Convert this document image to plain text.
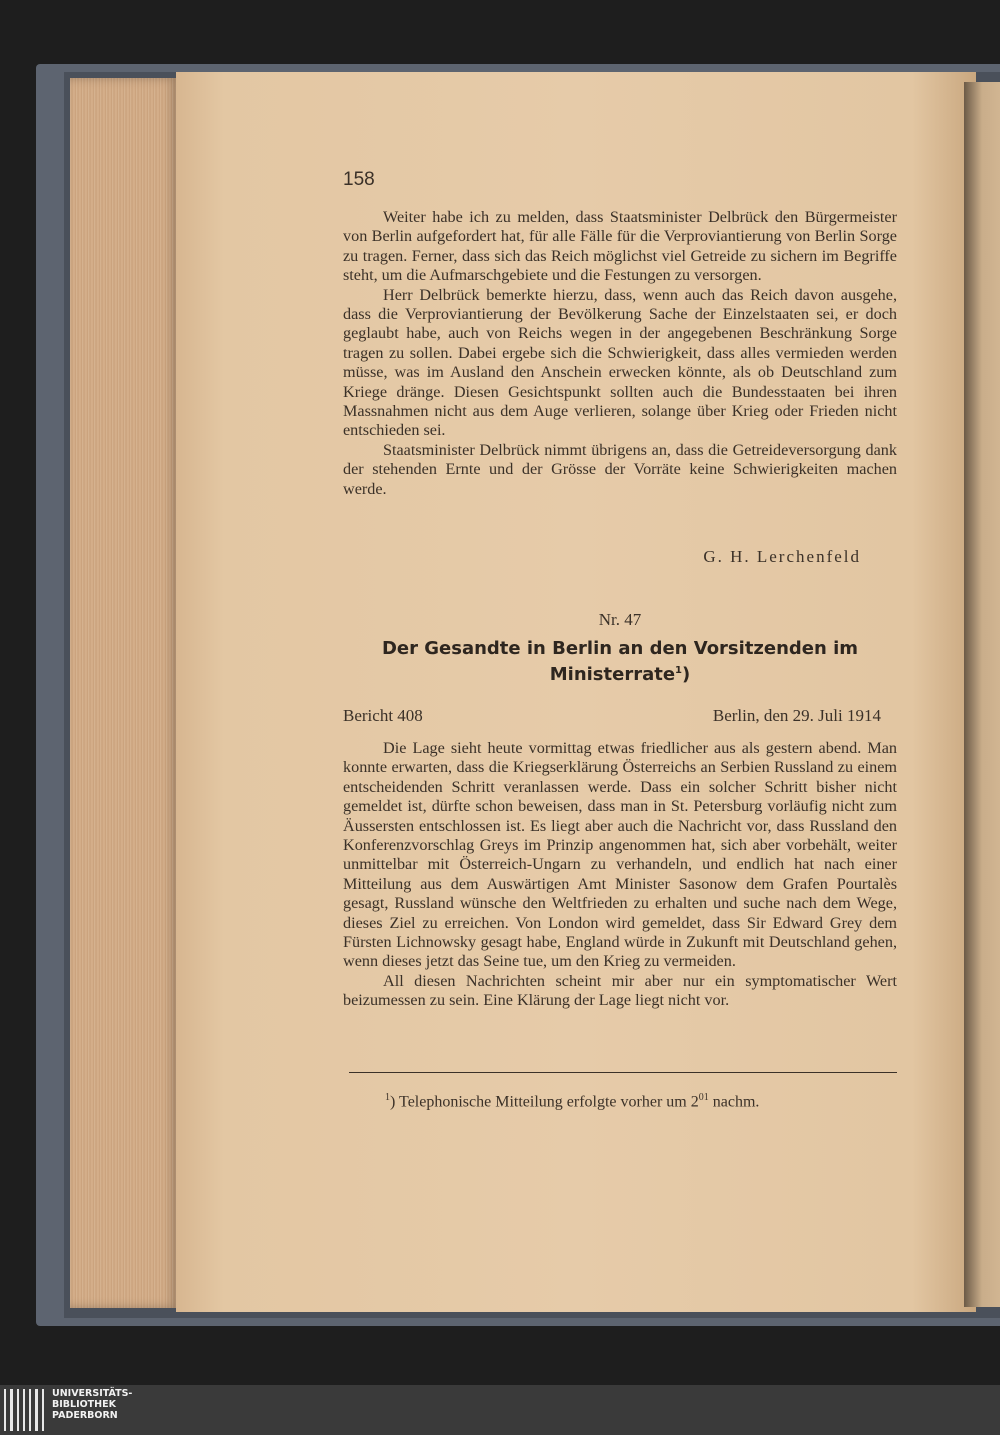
158

Weiter habe ich zu melden, dass Staatsminister Delbrück den Bürgermeister von Berlin aufgefordert hat, für alle Fälle für die Verproviantierung von Berlin Sorge zu tragen. Ferner, dass sich das Reich möglichst viel Getreide zu sichern im Begriffe steht, um die Aufmarschgebiete und die Festungen zu versorgen.

Herr Delbrück bemerkte hierzu, dass, wenn auch das Reich davon ausgehe, dass die Verproviantierung der Bevölkerung Sache der Einzelstaaten sei, er doch geglaubt habe, auch von Reichs wegen in der angegebenen Beschränkung Sorge tragen zu sollen. Dabei ergebe sich die Schwierigkeit, dass alles vermieden werden müsse, was im Ausland den Anschein erwecken könnte, als ob Deutschland zum Kriege dränge. Diesen Gesichtspunkt sollten auch die Bundesstaaten bei ihren Massnahmen nicht aus dem Auge verlieren, solange über Krieg oder Frieden nicht entschieden sei.

Staatsminister Delbrück nimmt übrigens an, dass die Getreideversorgung dank der stehenden Ernte und der Grösse der Vorräte keine Schwierigkeiten machen werde.

G. H. Lerchenfeld
Nr. 47
Der Gesandte in Berlin an den Vorsitzenden im
Ministerrate$^1$)
Bericht 408	Berlin, den 29. Juli 1914

Die Lage sieht heute vormittag etwas friedlicher aus als gestern abend. Man konnte erwarten, dass die Kriegserklärung Österreichs an Serbien Russland zu einem entscheidenden Schritt veranlassen werde. Dass ein solcher Schritt bisher nicht gemeldet ist, dürfte schon beweisen, dass man in St. Petersburg vorläufig nicht zum Äussersten entschlossen ist. Es liegt aber auch die Nachricht vor, dass Russland den Konferenzvorschlag Greys im Prinzip angenommen hat, sich aber vorbehält, weiter unmittelbar mit Österreich-Ungarn zu verhandeln, und endlich hat nach einer Mitteilung aus dem Auswärtigen Amt Minister Sasonow dem Grafen Pourtalès gesagt, Russland wünsche den Weltfrieden zu erhalten und suche nach dem Wege, dieses Ziel zu erreichen. Von London wird gemeldet, dass Sir Edward Grey dem Fürsten Lichnowsky gesagt habe, England würde in Zukunft mit Deutschland gehen, wenn dieses jetzt das Seine tue, um den Krieg zu vermeiden.

All diesen Nachrichten scheint mir aber nur ein symptomatischer Wert beizumessen zu sein. Eine Klärung der Lage liegt nicht vor.

$^1$) Telephonische Mitteilung erfolgte vorher um $2^{01}$ nachm.
UNIVERSITÄTS-
BIBLIOTHEK
PADERBORN
